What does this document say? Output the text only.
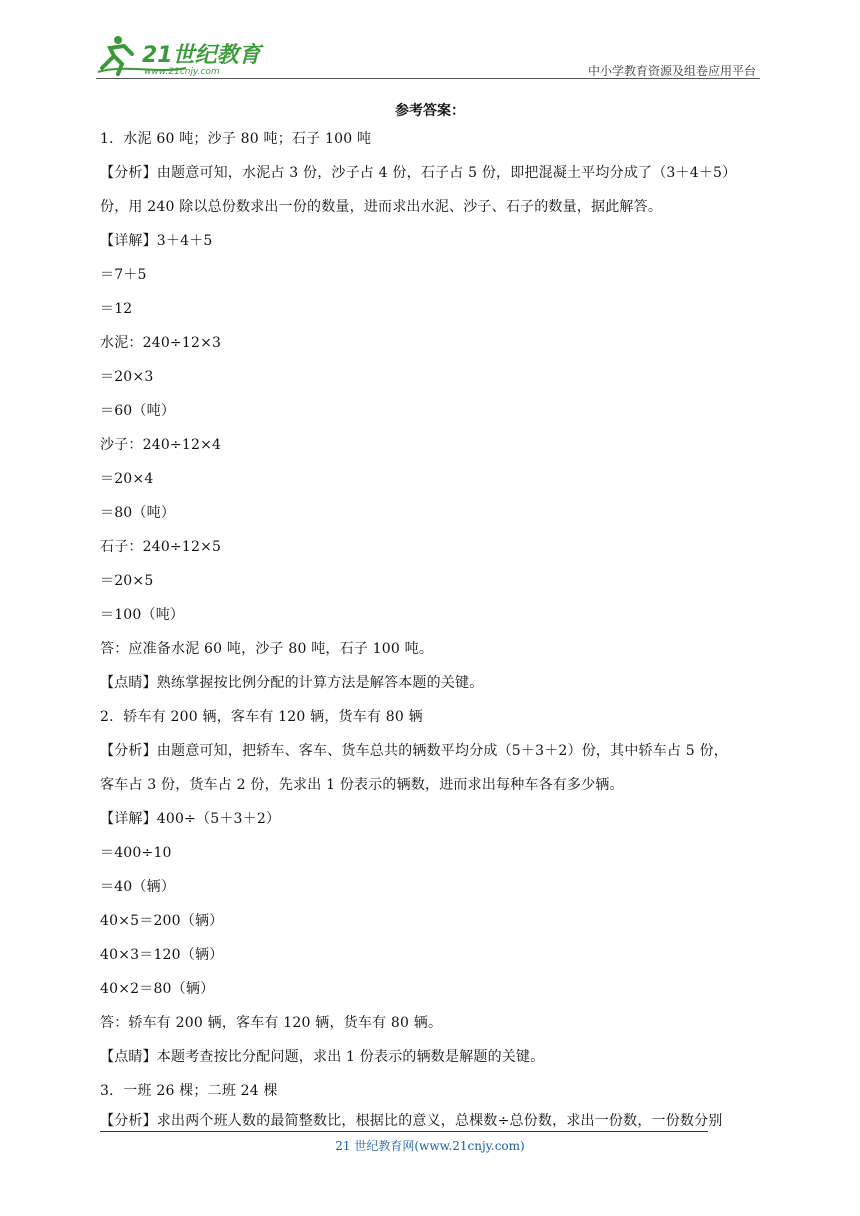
21世纪教育
www.21cnjy.com	中小学教育资源及组卷应用平台
参考答案：
1．水泥 60 吨；沙子 80 吨；石子 100 吨
【分析】由题意可知，水泥占 3 份，沙子占 4 份，石子占 5 份，即把混凝土平均分成了（3＋4＋5）
份，用 240 除以总份数求出一份的数量，进而求出水泥、沙子、石子的数量，据此解答。
【详解】3＋4＋5
＝7＋5
＝12
水泥：240÷12×3
＝20×3
＝60（吨）
沙子：240÷12×4
＝20×4
＝80（吨）
石子：240÷12×5
＝20×5
＝100（吨）
答：应准备水泥 60 吨，沙子 80 吨，石子 100 吨。
【点睛】熟练掌握按比例分配的计算方法是解答本题的关键。
2．轿车有 200 辆，客车有 120 辆，货车有 80 辆
【分析】由题意可知，把轿车、客车、货车总共的辆数平均分成（5＋3＋2）份，其中轿车占 5 份，
客车占 3 份，货车占 2 份，先求出 1 份表示的辆数，进而求出每种车各有多少辆。
【详解】400÷（5＋3＋2）
＝400÷10
＝40（辆）
40×5＝200（辆）
40×3＝120（辆）
40×2＝80（辆）
答：轿车有 200 辆，客车有 120 辆，货车有 80 辆。
【点睛】本题考查按比分配问题，求出 1 份表示的辆数是解题的关键。
3．一班 26 棵；二班 24 棵
【分析】求出两个班人数的最简整数比，根据比的意义，总棵数÷总份数，求出一份数，一份数分别
21 世纪教育网(www.21cnjy.com)
